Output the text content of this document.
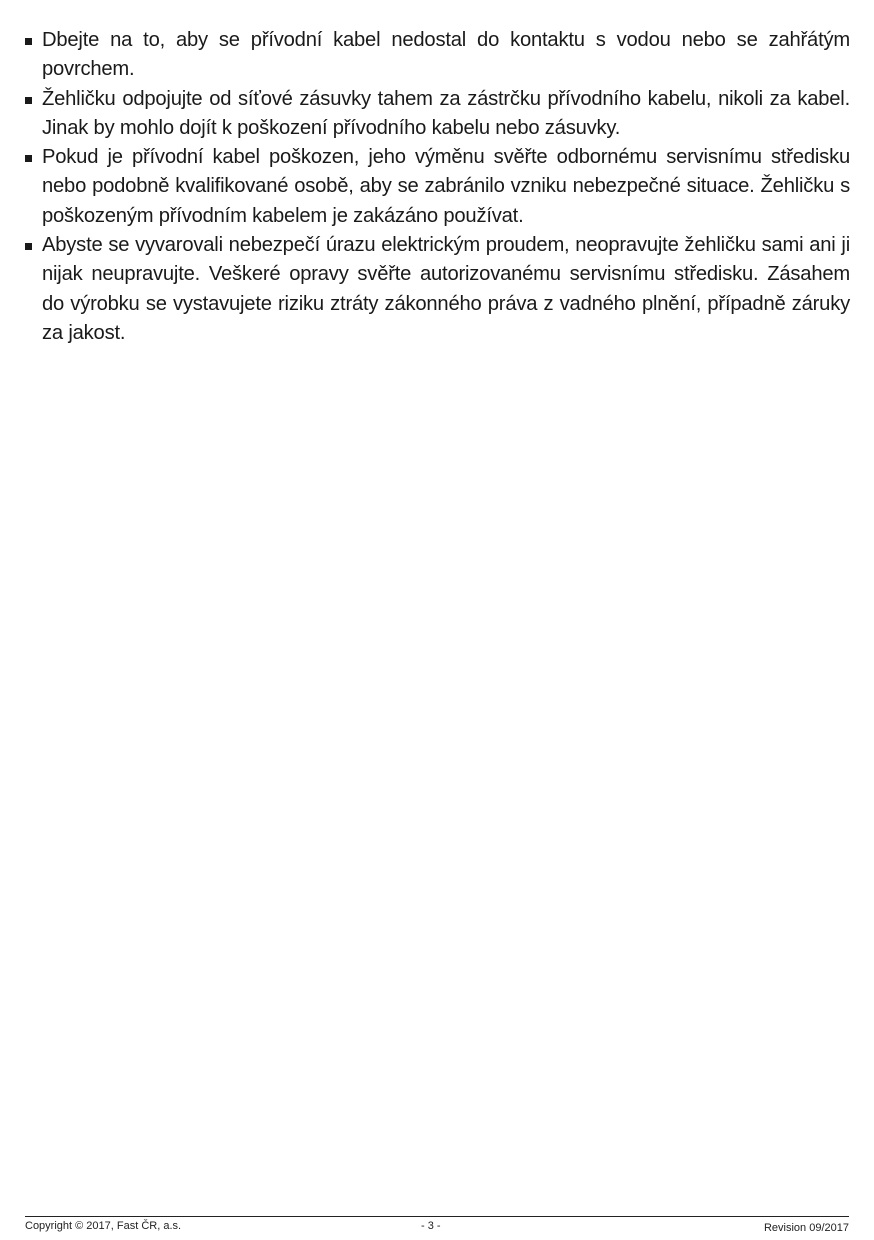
Dbejte na to, aby se přívodní kabel nedostal do kontaktu s vodou nebo se zahřátým povrchem.
Žehličku odpojujte od síťové zásuvky tahem za zástrčku přívodního kabelu, nikoli za kabel. Jinak by mohlo dojít k poškození přívodního kabelu nebo zásuvky.
Pokud je přívodní kabel poškozen, jeho výměnu svěřte odbornému servisnímu středisku nebo podobně kvalifikované osobě, aby se zabránilo vzniku nebezpečné situace. Žehličku s poškozeným přívodním kabelem je zakázáno používat.
Abyste se vyvarovali nebezpečí úrazu elektrickým proudem, neopravujte žehličku sami ani ji nijak neupravujte. Veškeré opravy svěřte autorizovanému servisnímu středisku. Zásahem do výrobku se vystavujete riziku ztráty zákonného práva z vadného plnění, případně záruky za jakost.
Copyright © 2017, Fast ČR, a.s.	- 3 -	Revision 09/2017
